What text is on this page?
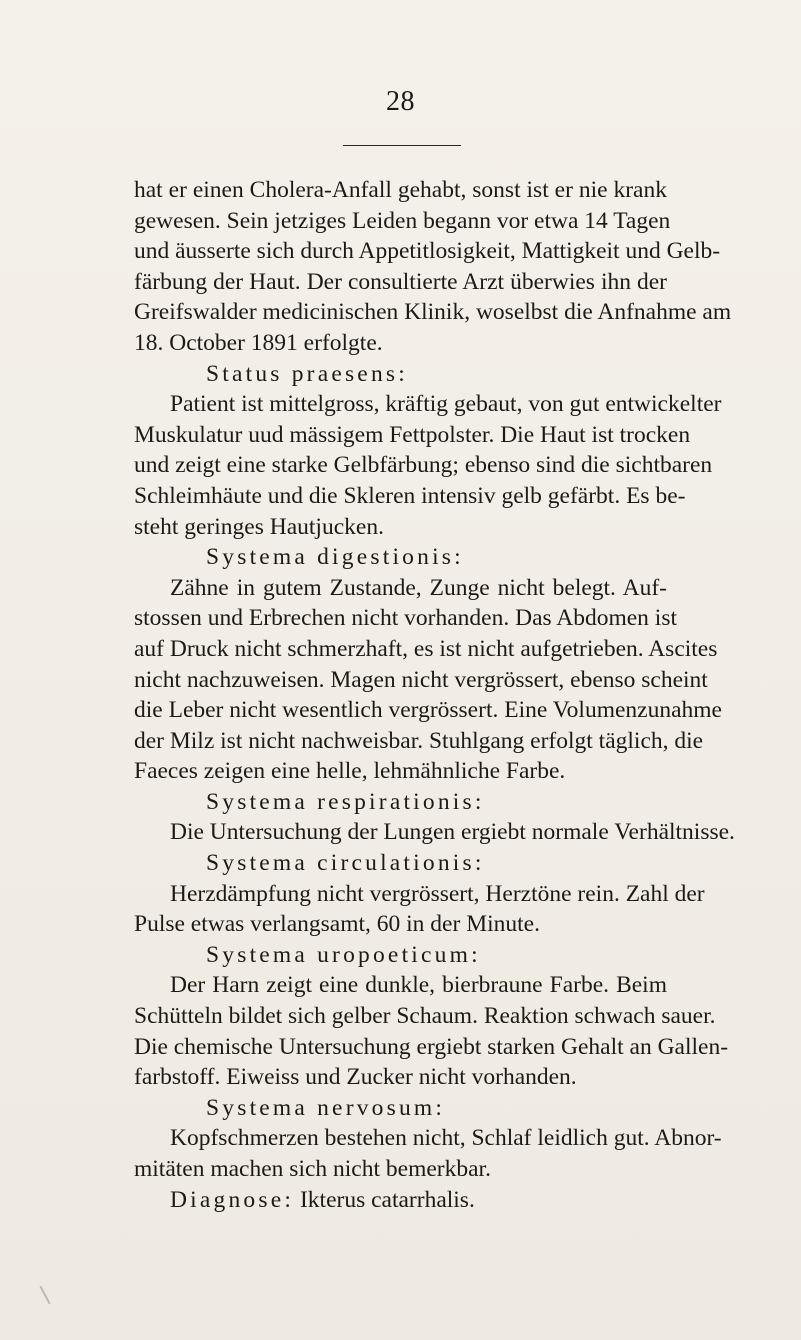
28
hat er einen Cholera-Anfall gehabt, sonst ist er nie krank
gewesen. Sein jetziges Leiden begann vor etwa 14 Tagen
und äusserte sich durch Appetitlosigkeit, Mattigkeit und Gelb-
färbung der Haut. Der consultierte Arzt überwies ihn der
Greifswalder medicinischen Klinik, woselbst die Anfnahme am
18. October 1891 erfolgte.
Status praesens:
Patient ist mittelgross, kräftig gebaut, von gut entwickelter
Muskulatur uud mässigem Fettpolster. Die Haut ist trocken
und zeigt eine starke Gelbfärbung; ebenso sind die sichtbaren
Schleimhäute und die Skleren intensiv gelb gefärbt. Es be-
steht geringes Hautjucken.
Systema digestionis:
Zähne in gutem Zustande, Zunge nicht belegt. Auf-
stossen und Erbrechen nicht vorhanden. Das Abdomen ist
auf Druck nicht schmerzhaft, es ist nicht aufgetrieben. Ascites
nicht nachzuweisen. Magen nicht vergrössert, ebenso scheint
die Leber nicht wesentlich vergrössert. Eine Volumenzunahme
der Milz ist nicht nachweisbar. Stuhlgang erfolgt täglich, die
Faeces zeigen eine helle, lehmähnliche Farbe.
Systema respirationis:
Die Untersuchung der Lungen ergiebt normale Verhältnisse.
Systema circulationis:
Herzdämpfung nicht vergrössert, Herztöne rein. Zahl der
Pulse etwas verlangsamt, 60 in der Minute.
Systema uropoeticum:
Der Harn zeigt eine dunkle, bierbraune Farbe. Beim
Schütteln bildet sich gelber Schaum. Reaktion schwach sauer.
Die chemische Untersuchung ergiebt starken Gehalt an Gallen-
farbstoff. Eiweiss und Zucker nicht vorhanden.
Systema nervosum:
Kopfschmerzen bestehen nicht, Schlaf leidlich gut. Abnor-
mitäten machen sich nicht bemerkbar.
Diagnose: Ikterus catarrhalis.
